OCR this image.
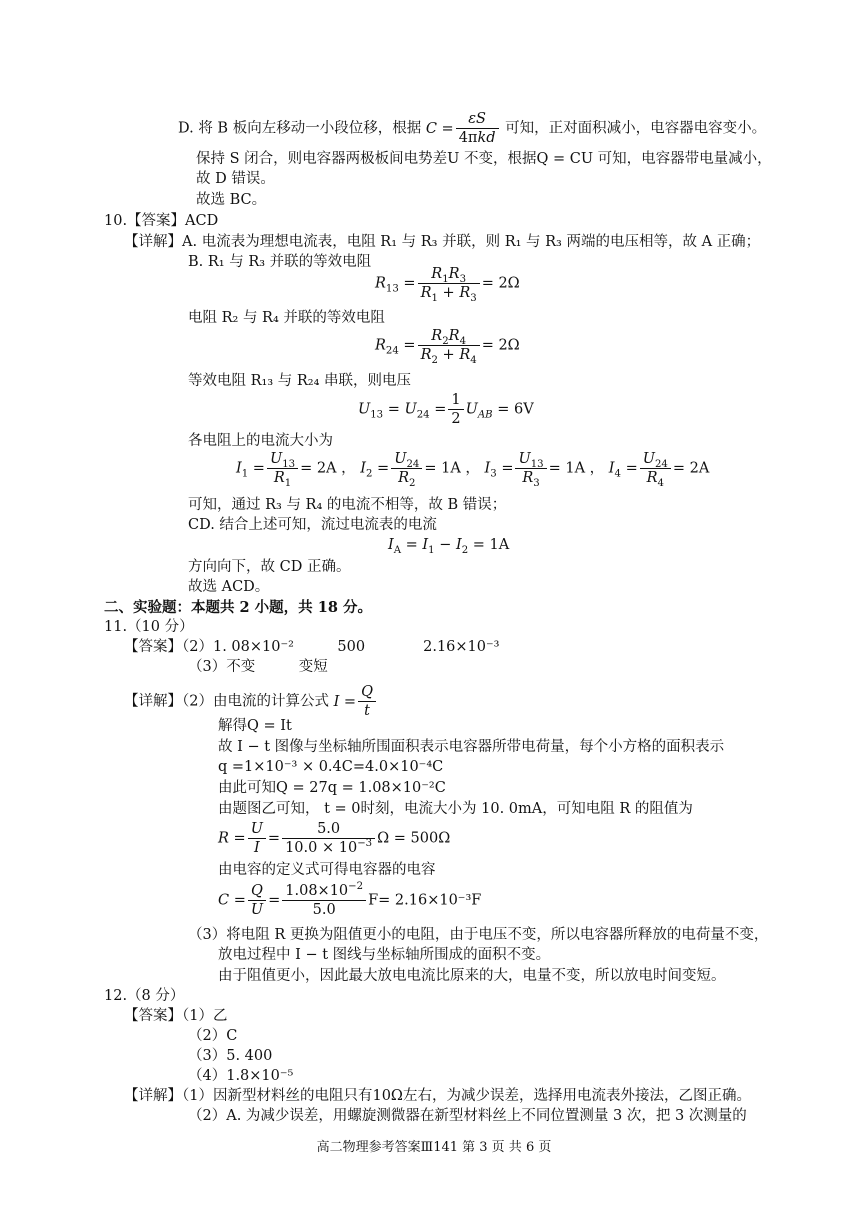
D. 将 B 板向左移动一小段位移，根据 $C = \frac{\varepsilon S}{\text{4πkd}}$ 可知，正对面积减小，电容器电容变小。
保持 S 闭合，则电容器两极板间电势差U 不变，根据Q = CU 可知，电容器带电量减小，
故 D 错误。
故选 BC。
10.【答案】ACD
【详解】A. 电流表为理想电流表，电阻 R₁ 与 R₃ 并联，则 R₁ 与 R₃ 两端的电压相等，故 A 正确；
B. R₁ 与 R₃ 并联的等效电阻
$R_{13} = \frac{R_1R_3}{R_1 + R_3} = 2\Omega$
电阻 R₂ 与 R₄ 并联的等效电阻
$R_{24} = \frac{R_2R_4}{R_2 + R_4} = 2\Omega$
等效电阻 R₁₃ 与 R₂₄ 串联，则电压
$U_{13} = U_{24} = \frac{1}{2} U_{AB} = 6V$
各电阻上的电流大小为
$I_1 = \frac{U_{13}}{R_1} = 2A$ ， $I_2 = \frac{U_{24}}{R_2} = 1A$ ， $I_3 = \frac{U_{13}}{R_3} = 1A$ ， $I_4 = \frac{U_{24}}{R_4} = 2A$
可知，通过 R₃ 与 R₄ 的电流不相等，故 B 错误；
CD. 结合上述可知，流过电流表的电流
$I_A = I_1 - I_2 = 1A$
方向向下，故 CD 正确。
故选 ACD。
二、实验题：本题共 2 小题，共 18 分。
11.（10 分）
【答案】（2）1. 08×10⁻²　　　500　　　　2.16×10⁻³
（3）不变　　　变短
【详解】（2）由电流的计算公式 $I = \frac{Q}{t}$
解得Q = It
故 I − t 图像与坐标轴所围面积表示电容器所带电荷量，每个小方格的面积表示
q =1×10⁻³ × 0.4C=4.0×10⁻⁴C
由此可知Q = 27q = 1.08×10⁻²C
由题图乙可知， t = 0时刻，电流大小为 10. 0mA，可知电阻 R 的阻值为
$R = \frac{U}{I} = \frac{5.0}{10.0 \times 10^{-3}}$ Ω = 500Ω
由电容的定义式可得电容器的电容
$C = \frac{Q}{U} = \frac{1.08\times 10^{-2}}{5.0} F= 2.16\times 10^{-3}F$
（3）将电阻 R 更换为阻值更小的电阻，由于电压不变，所以电容器所释放的电荷量不变，
放电过程中 I − t 图线与坐标轴所围成的面积不变。
由于阻值更小，因此最大放电电流比原来的大，电量不变，所以放电时间变短。
12.（8 分）
【答案】（1）乙
（2）C
（3）5. 400
（4）1.8×10⁻⁵
【详解】（1）因新型材料丝的电阻只有10Ω左右，为减少误差，选择用电流表外接法，乙图正确。
（2）A. 为减少误差，用螺旋测微器在新型材料丝上不同位置测量 3 次，把 3 次测量的
高二物理参考答案Ⅲ141 第 3 页 共 6 页
